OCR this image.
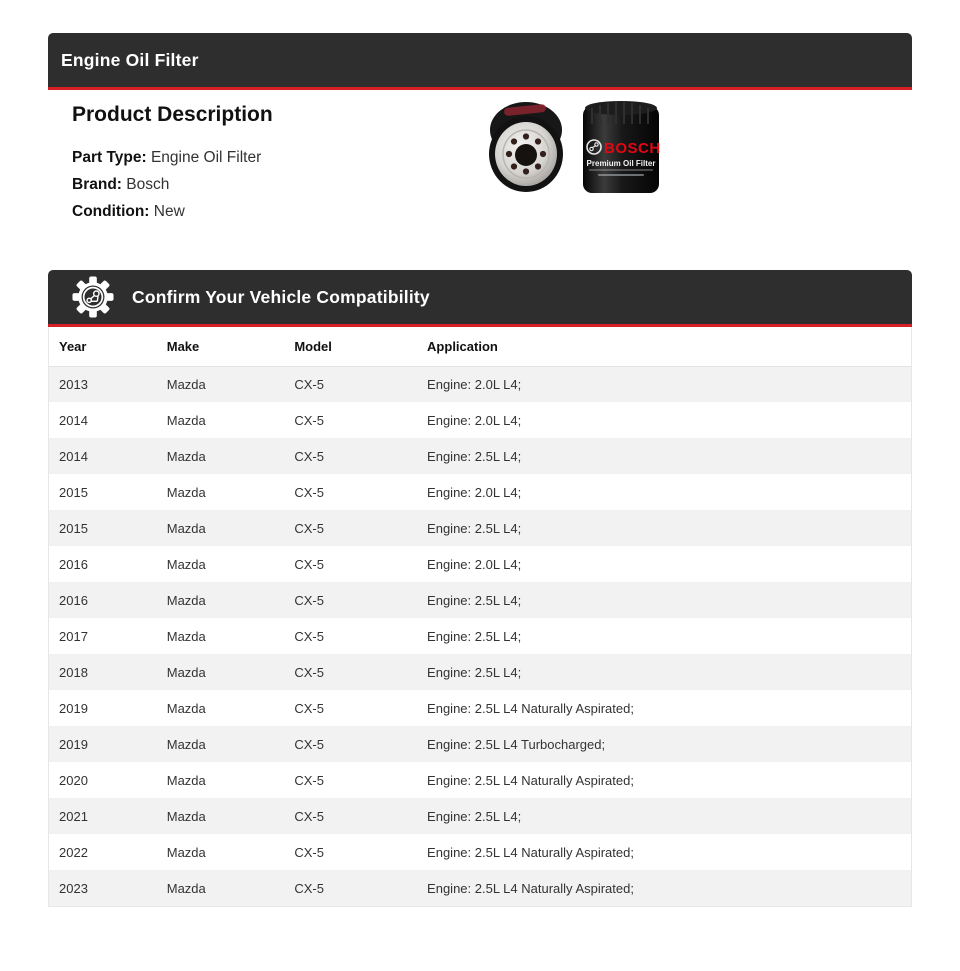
Engine Oil Filter
Product Description
Part Type: Engine Oil Filter
Brand: Bosch
Condition: New
BOSCH
Premium Oil Filter
Confirm Your Vehicle Compatibility
Year	Make	Model	Application
2013	Mazda	CX-5	Engine: 2.0L L4;
2014	Mazda	CX-5	Engine: 2.0L L4;
2014	Mazda	CX-5	Engine: 2.5L L4;
2015	Mazda	CX-5	Engine: 2.0L L4;
2015	Mazda	CX-5	Engine: 2.5L L4;
2016	Mazda	CX-5	Engine: 2.0L L4;
2016	Mazda	CX-5	Engine: 2.5L L4;
2017	Mazda	CX-5	Engine: 2.5L L4;
2018	Mazda	CX-5	Engine: 2.5L L4;
2019	Mazda	CX-5	Engine: 2.5L L4 Naturally Aspirated;
2019	Mazda	CX-5	Engine: 2.5L L4 Turbocharged;
2020	Mazda	CX-5	Engine: 2.5L L4 Naturally Aspirated;
2021	Mazda	CX-5	Engine: 2.5L L4;
2022	Mazda	CX-5	Engine: 2.5L L4 Naturally Aspirated;
2023	Mazda	CX-5	Engine: 2.5L L4 Naturally Aspirated;
